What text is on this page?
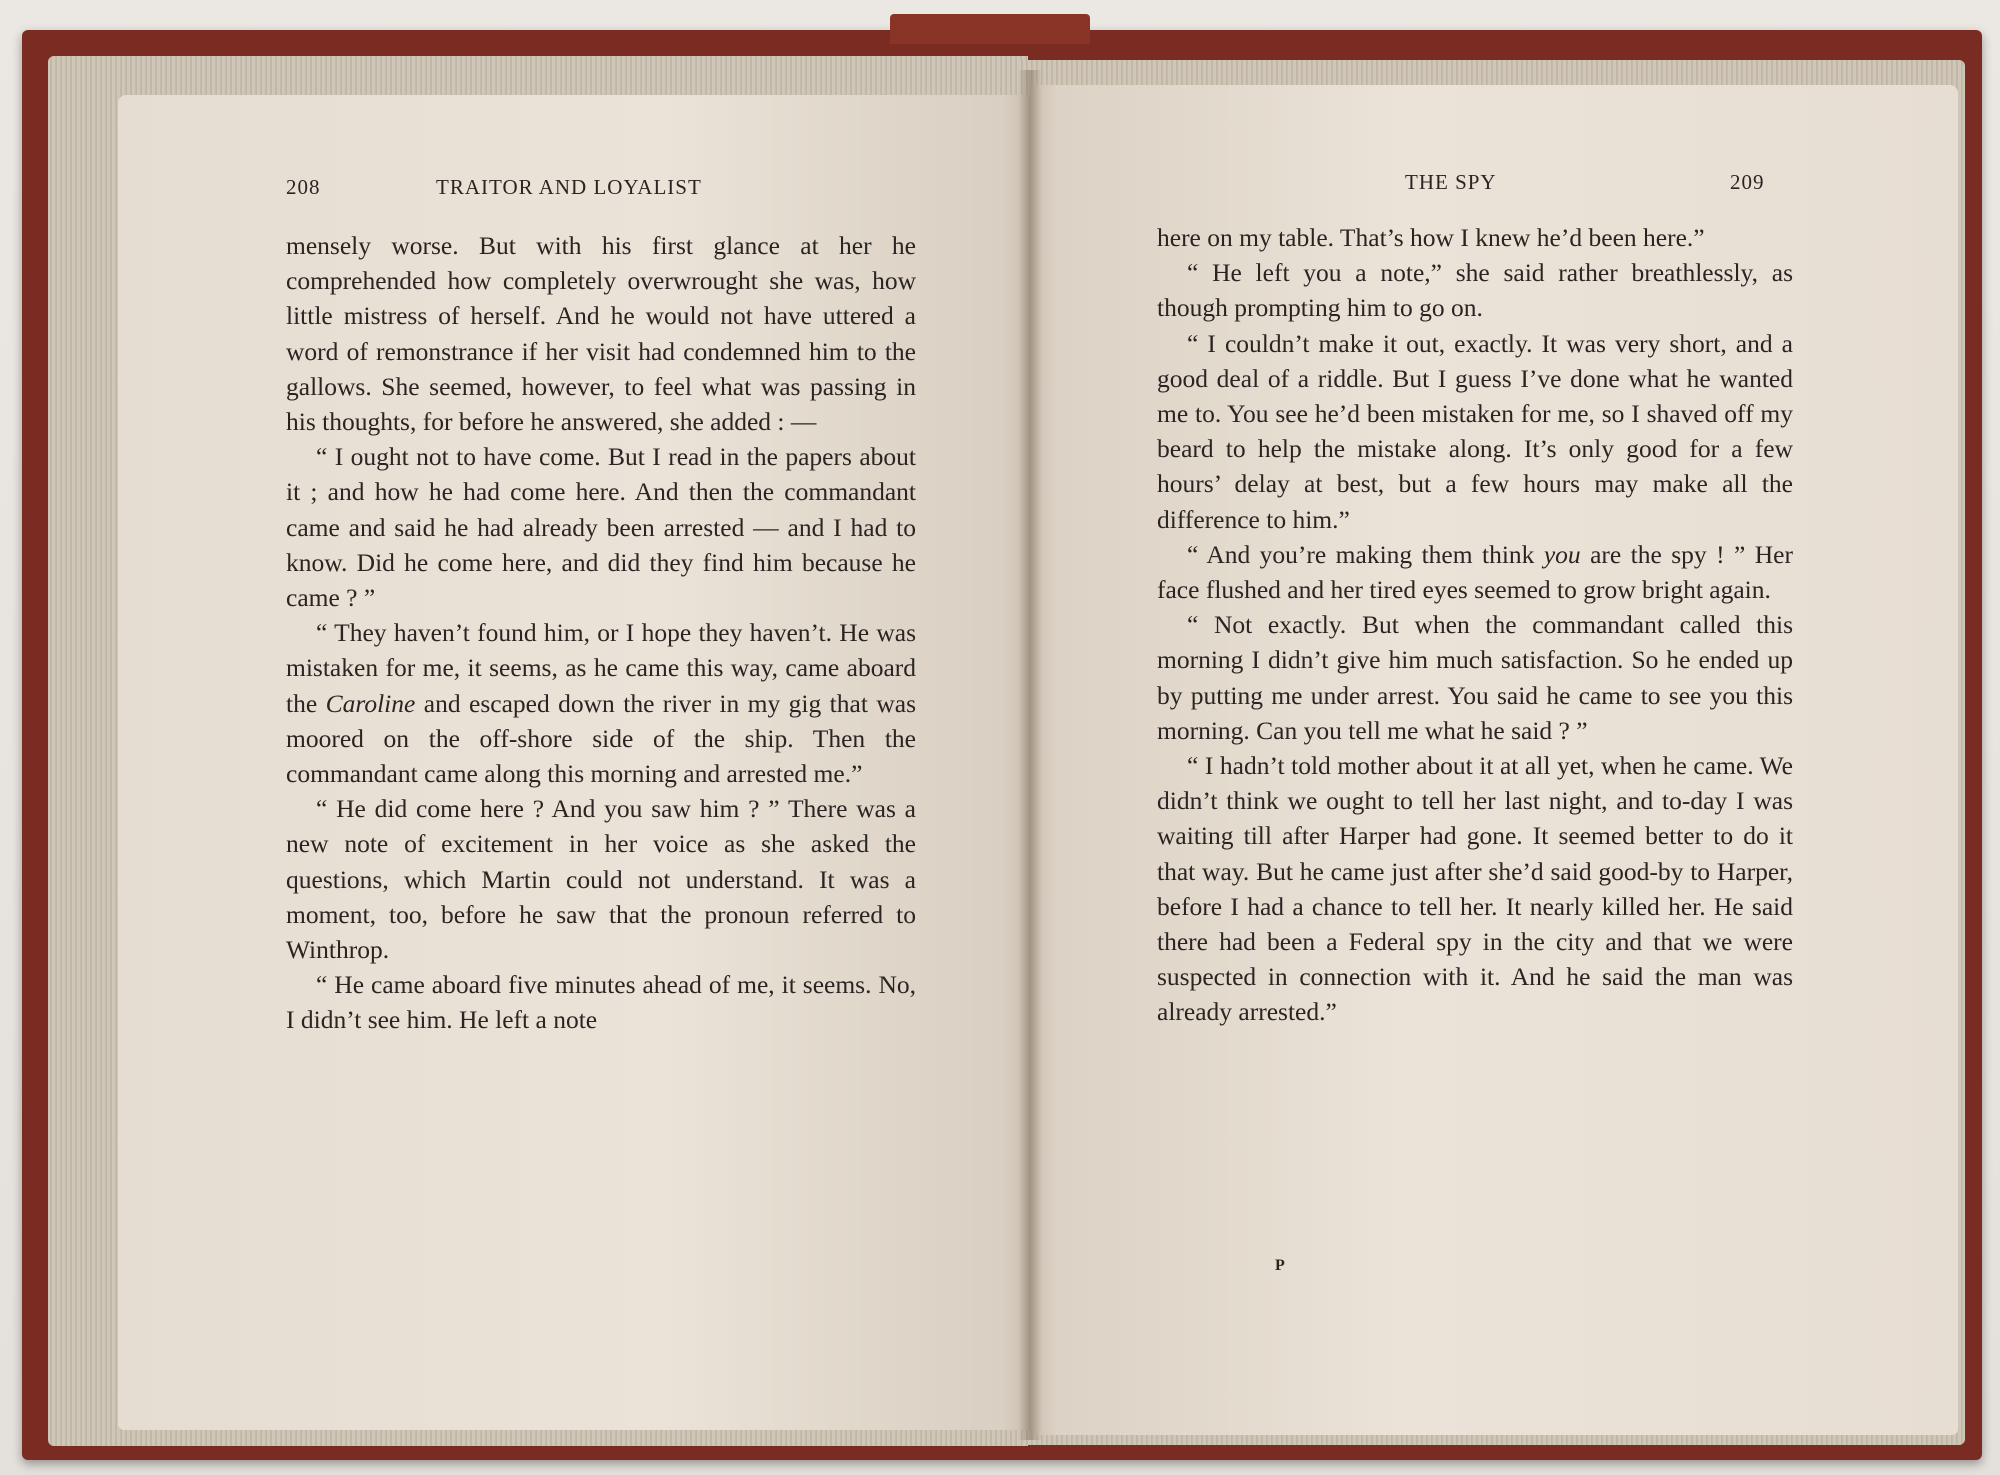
208	TRAITOR AND LOYALIST

mensely worse. But with his first glance at her he comprehended how completely overwrought she was, how little mistress of herself. And he would not have uttered a word of remonstrance if her visit had condemned him to the gallows. She seemed, however, to feel what was passing in his thoughts, for before he answered, she added : —

“ I ought not to have come. But I read in the papers about it ; and how he had come here. And then the commandant came and said he had already been arrested — and I had to know. Did he come here, and did they find him because he came ? ”

“ They haven’t found him, or I hope they haven’t. He was mistaken for me, it seems, as he came this way, came aboard the Caroline and escaped down the river in my gig that was moored on the off-shore side of the ship. Then the commandant came along this morning and arrested me.”

“ He did come here ? And you saw him ? ” There was a new note of excitement in her voice as she asked the questions, which Martin could not understand. It was a moment, too, before he saw that the pronoun referred to Winthrop.

“ He came aboard five minutes ahead of me, it seems. No, I didn’t see him. He left a note

THE SPY	209

here on my table. That’s how I knew he’d been here.”

“ He left you a note,” she said rather breathlessly, as though prompting him to go on.

“ I couldn’t make it out, exactly. It was very short, and a good deal of a riddle. But I guess I’ve done what he wanted me to. You see he’d been mistaken for me, so I shaved off my beard to help the mistake along. It’s only good for a few hours’ delay at best, but a few hours may make all the difference to him.”

“ And you’re making them think you are the spy ! ” Her face flushed and her tired eyes seemed to grow bright again.

“ Not exactly. But when the commandant called this morning I didn’t give him much satisfaction. So he ended up by putting me under arrest. You said he came to see you this morning. Can you tell me what he said ? ”

“ I hadn’t told mother about it at all yet, when he came. We didn’t think we ought to tell her last night, and to-day I was waiting till after Harper had gone. It seemed better to do it that way. But he came just after she’d said good-by to Harper, before I had a chance to tell her. It nearly killed her. He said there had been a Federal spy in the city and that we were suspected in connection with it. And he said the man was already arrested.”

P
